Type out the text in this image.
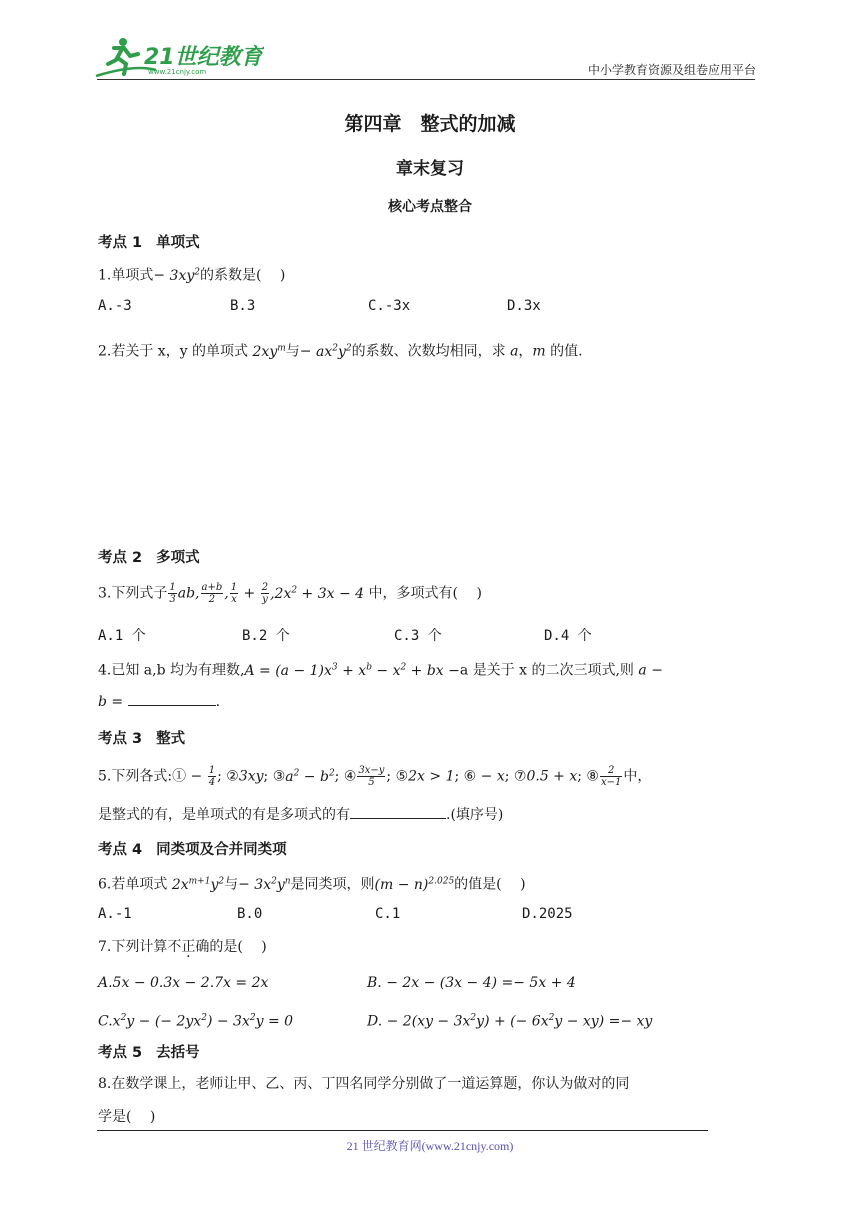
21世纪教育
www.21cnjy.com	中小学教育资源及组卷应用平台
第四章　整式的加减
章末复习
核心考点整合
考点 1 单项式
1.单项式− $3xy^2$的系数是(　 )
A.-3	B.3	C.-3x	D.3x
2.若关于 x，y 的单项式 $2xy^m$与− $ax^2y^2$的系数、次数均相同，求 a，m 的值.
考点 2 多项式
3.下列式子 $\frac{1}{3}$ ab, $\frac{a+b}{2}$ , $\frac{1}{x} + \frac{2}{y} ,2x^2 + 3x - 4$ 中，多项式有(　 )
A.1 个	B.2 个	C.3 个	D.4 个
4.已知 a,b 均为有理数$,A = (a - 1)x^3 + x^b - x^2$ + bx −a 是关于 x 的二次三项式,则 a −
b =	.
考点 3 整式
5.下列各式:① − $\frac{1}{4}$ ; ②3xy; $③a^2 - b^2$; ④ $\frac{3x-y}{5}$ ; ⑤2x > 1; ⑥ − x; ⑦0.5 + x; ⑧ $\frac{2}{x-1}$ 中，
是整式的有，是单项式的有是多项式的有	.(填序号)
考点 4 同类项及合并同类项
6.若单项式 $2x^{m+1}y^2$与− $3x^2y^n$是同类项，则$(m - n)^{2.025}$的值是(　 )
A.-1	B.0	C.1	D.2025
7.下列计算不正确的是(　 )
A.5x − 0.3x − 2.7x = 2x	B. − 2x − (3x − 4) =− 5x + 4
$C.x^2y$ − (− $2yx^2) - 3x^2y = 0$	D. − $2(xy - 3x^2y)$ + (− $6x^2y - xy$) =− xy
考点 5 去括号
8.在数学课上，老师让甲、乙、丙、丁四名同学分别做了一道运算题，你认为做对的同
学是(　 )
21 世纪教育网(www.21cnjy.com)
